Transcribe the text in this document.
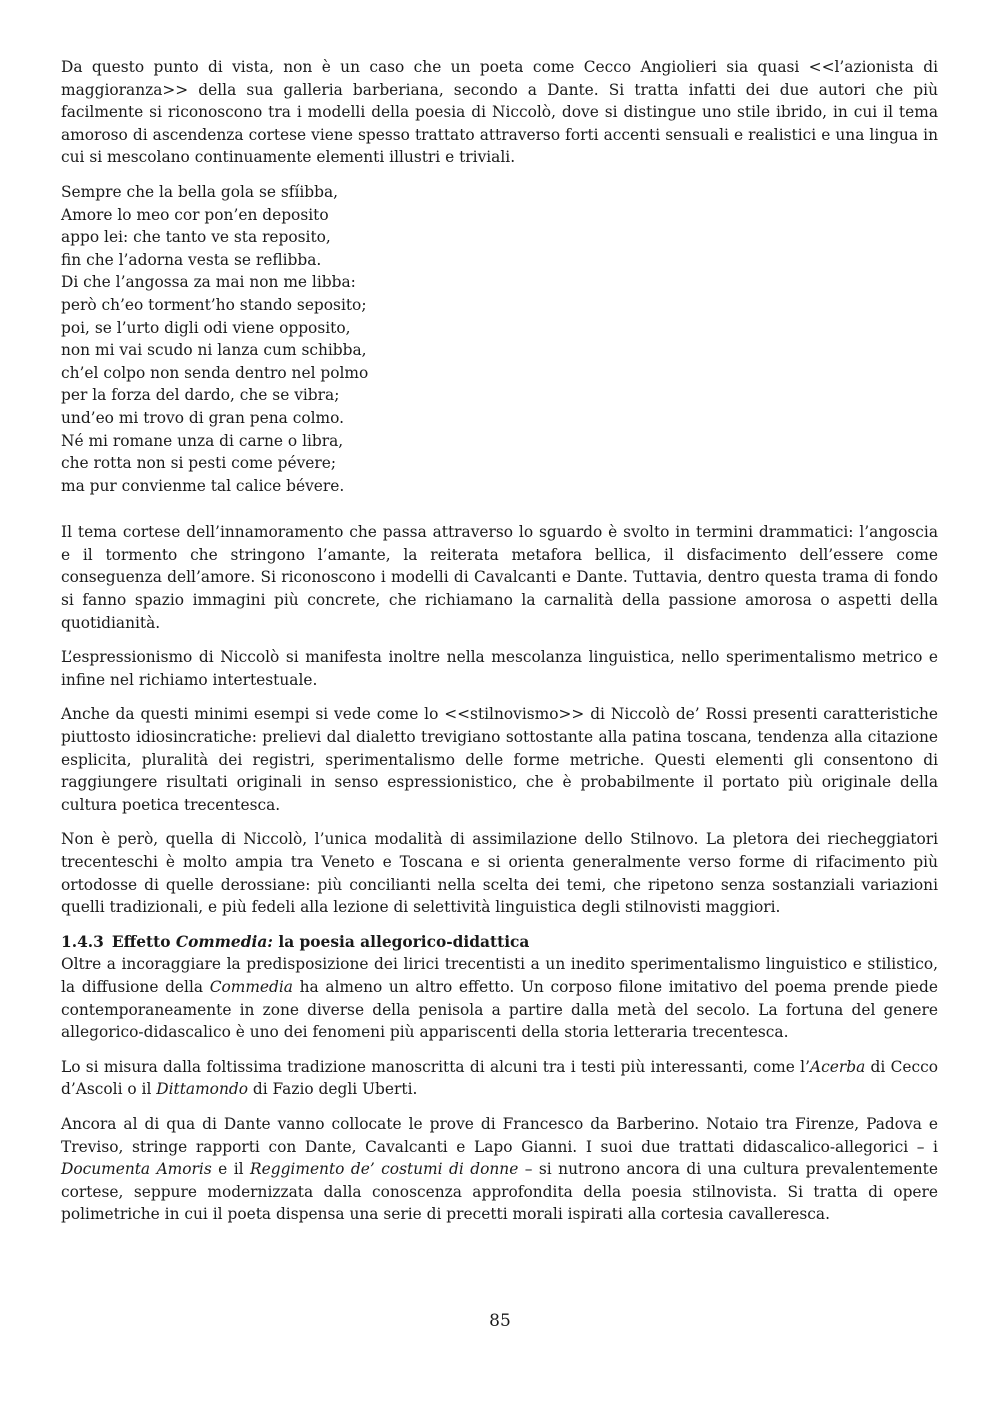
Da questo punto di vista, non è un caso che un poeta come Cecco Angiolieri sia quasi <<l’azionista di maggioranza>> della sua galleria barberiana, secondo a Dante. Si tratta infatti dei due autori che più facilmente si riconoscono tra i modelli della poesia di Niccolò, dove si distingue uno stile ibrido, in cui il tema amoroso di ascendenza cortese viene spesso trattato attraverso forti accenti sensuali e realistici e una lingua in cui si mescolano continuamente elementi illustri e triviali.

Sempre che la bella gola se sfíibba,
Amore lo meo cor pon’en deposito
appo lei: che tanto ve sta reposito,
fin che l’adorna vesta se reflibba.
Di che l’angossa za mai non me libba:
però ch’eo torment’ho stando seposito;
poi, se l’urto digli odi viene opposito,
non mi vai scudo ni lanza cum schibba,
ch’el colpo non senda dentro nel polmo
per la forza del dardo, che se vibra;
und’eo mi trovo di gran pena colmo.
Né mi romane unza di carne o libra,
che rotta non si pesti come pévere;
ma pur convienme tal calice bévere.

Il tema cortese dell’innamoramento che passa attraverso lo sguardo è svolto in termini drammatici: l’angoscia e il tormento che stringono l’amante, la reiterata metafora bellica, il disfacimento dell’essere come conseguenza dell’amore. Si riconoscono i modelli di Cavalcanti e Dante. Tuttavia, dentro questa trama di fondo si fanno spazio immagini più concrete, che richiamano la carnalità della passione amorosa o aspetti della quotidianità.

L’espressionismo di Niccolò si manifesta inoltre nella mescolanza linguistica, nello sperimentalismo metrico e infine nel richiamo intertestuale.

Anche da questi minimi esempi si vede come lo <<stilnovismo>> di Niccolò de’ Rossi presenti caratteristiche piuttosto idiosincratiche: prelievi dal dialetto trevigiano sottostante alla patina toscana, tendenza alla citazione esplicita, pluralità dei registri, sperimentalismo delle forme metriche. Questi elementi gli consentono di raggiungere risultati originali in senso espressionistico, che è probabilmente il portato più originale della cultura poetica trecentesca.

Non è però, quella di Niccolò, l’unica modalità di assimilazione dello Stilnovo. La pletora dei riecheggiatori trecenteschi è molto ampia tra Veneto e Toscana e si orienta generalmente verso forme di rifacimento più ortodosse di quelle derossiane: più concilianti nella scelta dei temi, che ripetono senza sostanziali variazioni quelli tradizionali, e più fedeli alla lezione di selettività linguistica degli stilnovisti maggiori.

1.4.3 Effetto Commedia: la poesia allegorico-didattica

Oltre a incoraggiare la predisposizione dei lirici trecentisti a un inedito sperimentalismo linguistico e stilistico, la diffusione della Commedia ha almeno un altro effetto. Un corposo filone imitativo del poema prende piede contemporaneamente in zone diverse della penisola a partire dalla metà del secolo. La fortuna del genere allegorico-didascalico è uno dei fenomeni più appariscenti della storia letteraria trecentesca.

Lo si misura dalla foltissima tradizione manoscritta di alcuni tra i testi più interessanti, come l’Acerba di Cecco d’Ascoli o il Dittamondo di Fazio degli Uberti.

Ancora al di qua di Dante vanno collocate le prove di Francesco da Barberino. Notaio tra Firenze, Padova e Treviso, stringe rapporti con Dante, Cavalcanti e Lapo Gianni. I suoi due trattati didascalico-allegorici – i Documenta Amoris e il Reggimento de’ costumi di donne – si nutrono ancora di una cultura prevalentemente cortese, seppure modernizzata dalla conoscenza approfondita della poesia stilnovista. Si tratta di opere polimetriche in cui il poeta dispensa una serie di precetti morali ispirati alla cortesia cavalleresca.

85
